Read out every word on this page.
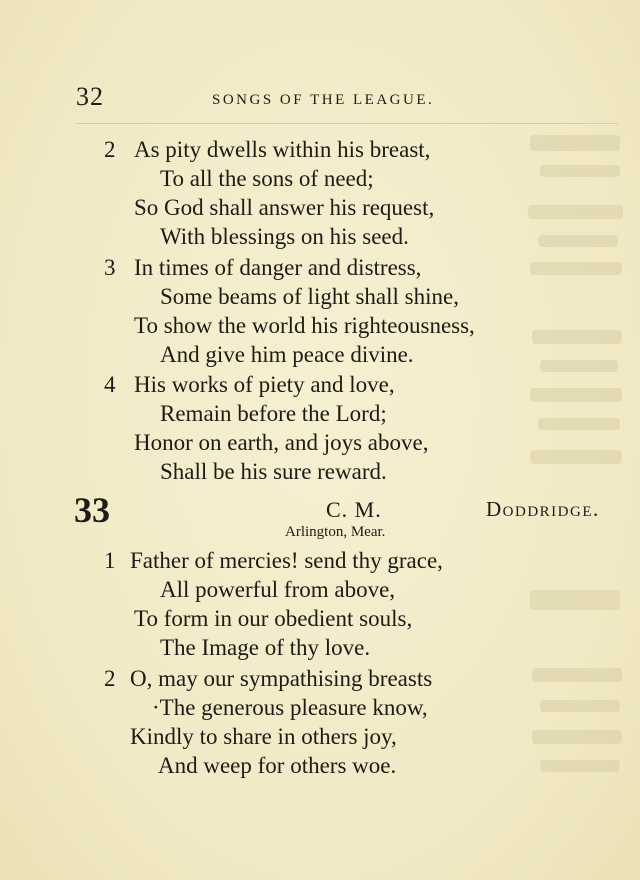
32	SONGS OF THE LEAGUE.
2 As pity dwells within his breast,
To all the sons of need;
So God shall answer his request,
With blessings on his seed.
3 In times of danger and distress,
Some beams of light shall shine,
To show the world his righteousness,
And give him peace divine.
4 His works of piety and love,
Remain before the Lord;
Honor on earth, and joys above,
Shall be his sure reward.
33	C. M.	Doddridge.
Arlington, Mear.
1 Father of mercies! send thy grace,
All powerful from above,
To form in our obedient souls,
The Image of thy love.
2 O, may our sympathising breasts
·The generous pleasure know,
Kindly to share in others joy,
And weep for others woe.
